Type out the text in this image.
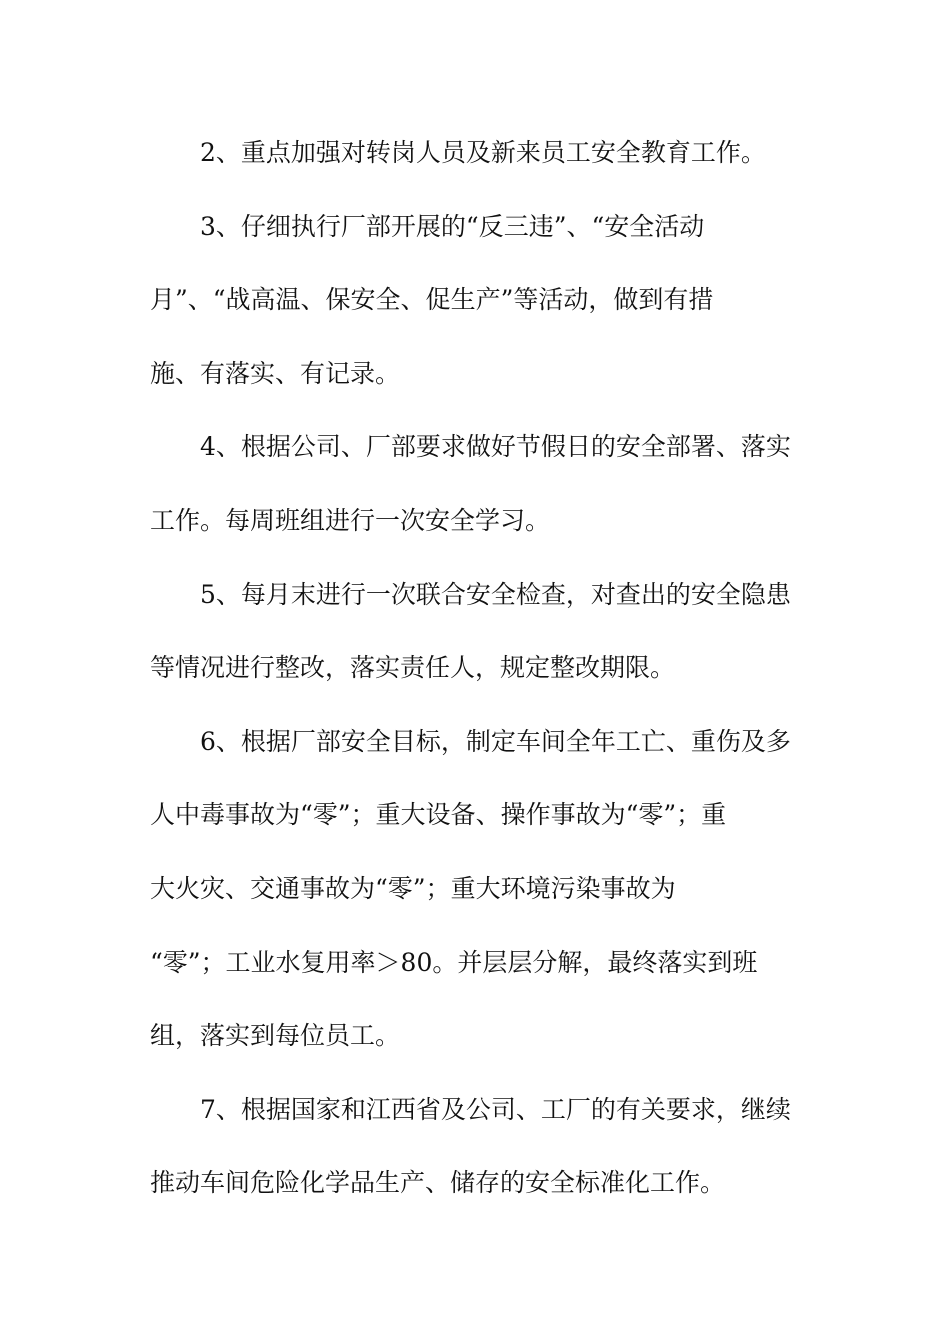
2、重点加强对转岗人员及新来员工安全教育工作。
3、仔细执行厂部开展的“反三违”、“安全活动
月”、“战高温、保安全、促生产”等活动，做到有措
施、有落实、有记录。
4、根据公司、厂部要求做好节假日的安全部署、落实
工作。每周班组进行一次安全学习。
5、每月末进行一次联合安全检查，对查出的安全隐患
等情况进行整改，落实责任人，规定整改期限。
6、根据厂部安全目标，制定车间全年工亡、重伤及多
人中毒事故为“零”；重大设备、操作事故为“零”；重
大火灾、交通事故为“零”；重大环境污染事故为
“零”；工业水复用率＞80。并层层分解，最终落实到班
组，落实到每位员工。
7、根据国家和江西省及公司、工厂的有关要求，继续
推动车间危险化学品生产、储存的安全标准化工作。
